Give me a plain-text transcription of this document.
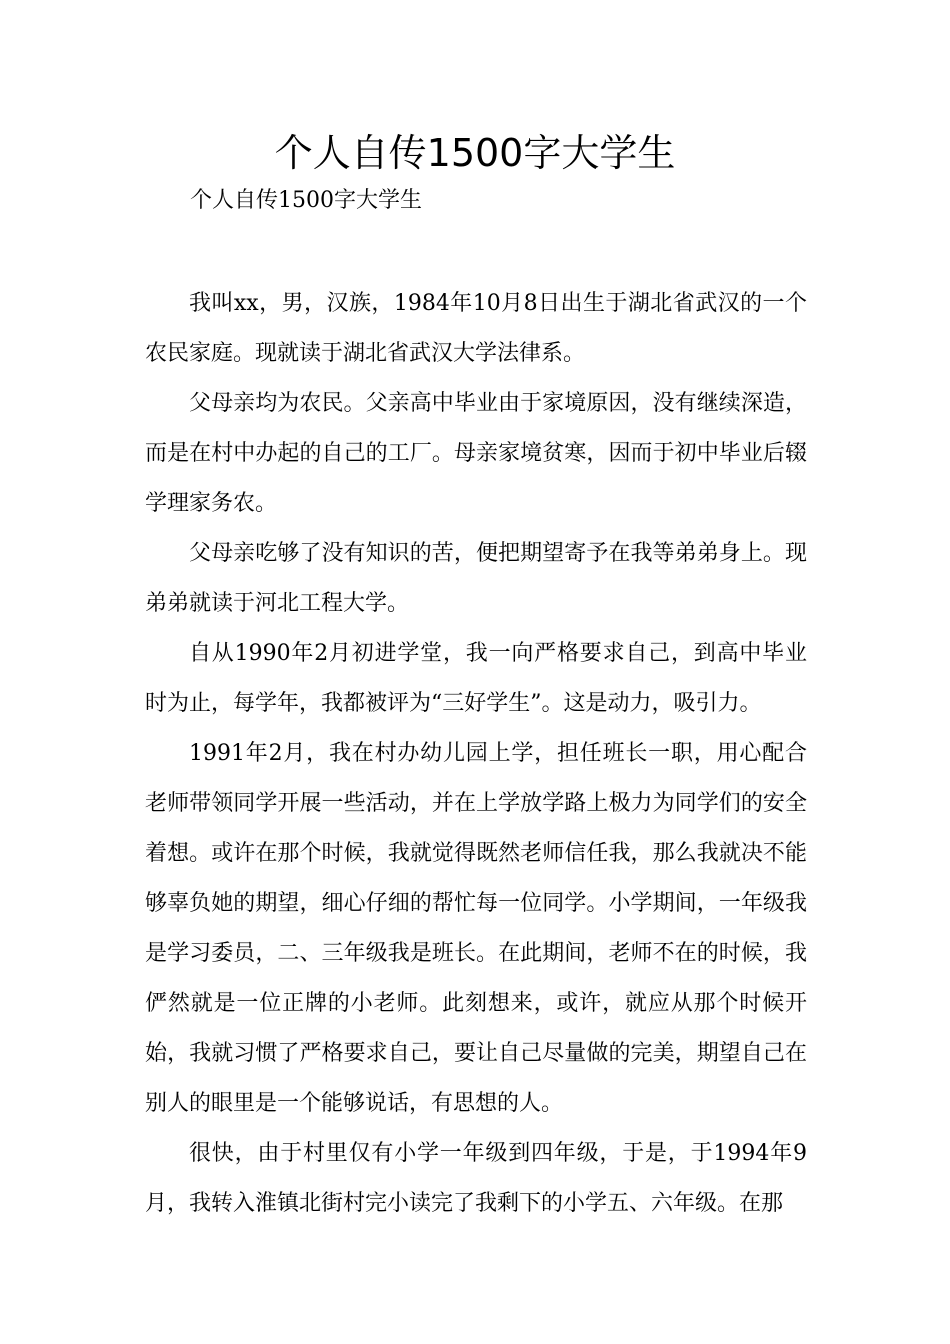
个人自传1500字大学生
个人自传1500字大学生

我叫xx，男，汉族，1984年10月8日出生于湖北省武汉的一个农民家庭。现就读于湖北省武汉大学法律系。

父母亲均为农民。父亲高中毕业由于家境原因，没有继续深造，而是在村中办起的自己的工厂。母亲家境贫寒，因而于初中毕业后辍学理家务农。

父母亲吃够了没有知识的苦，便把期望寄予在我等弟弟身上。现弟弟就读于河北工程大学。

自从1990年2月初进学堂，我一向严格要求自己，到高中毕业时为止，每学年，我都被评为“三好学生”。这是动力，吸引力。

1991年2月，我在村办幼儿园上学，担任班长一职，用心配合老师带领同学开展一些活动，并在上学放学路上极力为同学们的安全着想。或许在那个时候，我就觉得既然老师信任我，那么我就决不能够辜负她的期望，细心仔细的帮忙每一位同学。小学期间，一年级我是学习委员，二、三年级我是班长。在此期间，老师不在的时候，我俨然就是一位正牌的小老师。此刻想来，或许，就应从那个时候开始，我就习惯了严格要求自己，要让自己尽量做的完美，期望自己在别人的眼里是一个能够说话，有思想的人。

很快，由于村里仅有小学一年级到四年级，于是，于1994年9月，我转入淮镇北街村完小读完了我剩下的小学五、六年级。在那
